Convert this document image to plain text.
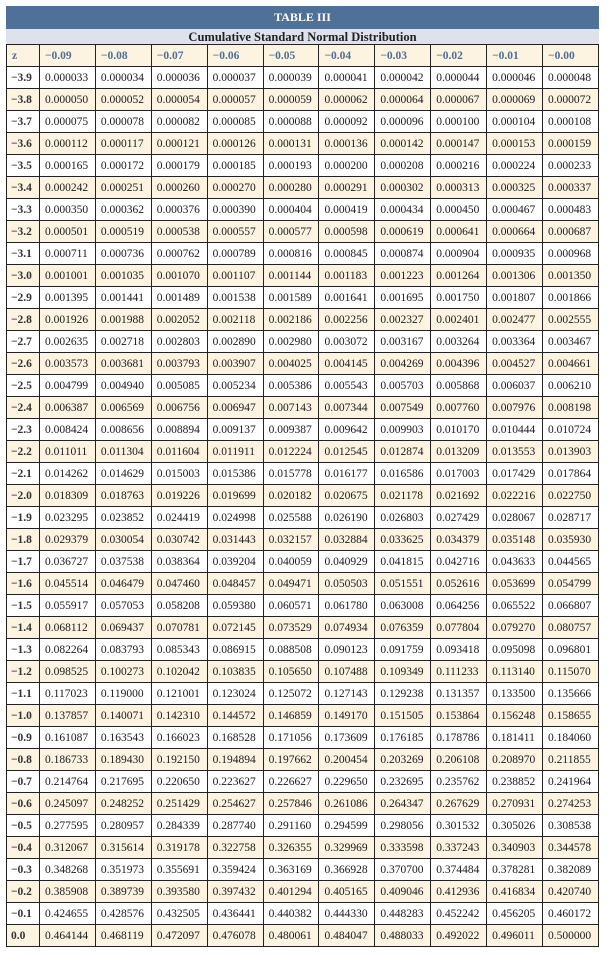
TABLE III
Cumulative Standard Normal Distribution
z	−0.09	−0.08	−0.07	−0.06	−0.05	−0.04	−0.03	−0.02	−0.01	−0.00
−3.9	0.000033	0.000034	0.000036	0.000037	0.000039	0.000041	0.000042	0.000044	0.000046	0.000048
−3.8	0.000050	0.000052	0.000054	0.000057	0.000059	0.000062	0.000064	0.000067	0.000069	0.000072
−3.7	0.000075	0.000078	0.000082	0.000085	0.000088	0.000092	0.000096	0.000100	0.000104	0.000108
−3.6	0.000112	0.000117	0.000121	0.000126	0.000131	0.000136	0.000142	0.000147	0.000153	0.000159
−3.5	0.000165	0.000172	0.000179	0.000185	0.000193	0.000200	0.000208	0.000216	0.000224	0.000233
−3.4	0.000242	0.000251	0.000260	0.000270	0.000280	0.000291	0.000302	0.000313	0.000325	0.000337
−3.3	0.000350	0.000362	0.000376	0.000390	0.000404	0.000419	0.000434	0.000450	0.000467	0.000483
−3.2	0.000501	0.000519	0.000538	0.000557	0.000577	0.000598	0.000619	0.000641	0.000664	0.000687
−3.1	0.000711	0.000736	0.000762	0.000789	0.000816	0.000845	0.000874	0.000904	0.000935	0.000968
−3.0	0.001001	0.001035	0.001070	0.001107	0.001144	0.001183	0.001223	0.001264	0.001306	0.001350
−2.9	0.001395	0.001441	0.001489	0.001538	0.001589	0.001641	0.001695	0.001750	0.001807	0.001866
−2.8	0.001926	0.001988	0.002052	0.002118	0.002186	0.002256	0.002327	0.002401	0.002477	0.002555
−2.7	0.002635	0.002718	0.002803	0.002890	0.002980	0.003072	0.003167	0.003264	0.003364	0.003467
−2.6	0.003573	0.003681	0.003793	0.003907	0.004025	0.004145	0.004269	0.004396	0.004527	0.004661
−2.5	0.004799	0.004940	0.005085	0.005234	0.005386	0.005543	0.005703	0.005868	0.006037	0.006210
−2.4	0.006387	0.006569	0.006756	0.006947	0.007143	0.007344	0.007549	0.007760	0.007976	0.008198
−2.3	0.008424	0.008656	0.008894	0.009137	0.009387	0.009642	0.009903	0.010170	0.010444	0.010724
−2.2	0.011011	0.011304	0.011604	0.011911	0.012224	0.012545	0.012874	0.013209	0.013553	0.013903
−2.1	0.014262	0.014629	0.015003	0.015386	0.015778	0.016177	0.016586	0.017003	0.017429	0.017864
−2.0	0.018309	0.018763	0.019226	0.019699	0.020182	0.020675	0.021178	0.021692	0.022216	0.022750
−1.9	0.023295	0.023852	0.024419	0.024998	0.025588	0.026190	0.026803	0.027429	0.028067	0.028717
−1.8	0.029379	0.030054	0.030742	0.031443	0.032157	0.032884	0.033625	0.034379	0.035148	0.035930
−1.7	0.036727	0.037538	0.038364	0.039204	0.040059	0.040929	0.041815	0.042716	0.043633	0.044565
−1.6	0.045514	0.046479	0.047460	0.048457	0.049471	0.050503	0.051551	0.052616	0.053699	0.054799
−1.5	0.055917	0.057053	0.058208	0.059380	0.060571	0.061780	0.063008	0.064256	0.065522	0.066807
−1.4	0.068112	0.069437	0.070781	0.072145	0.073529	0.074934	0.076359	0.077804	0.079270	0.080757
−1.3	0.082264	0.083793	0.085343	0.086915	0.088508	0.090123	0.091759	0.093418	0.095098	0.096801
−1.2	0.098525	0.100273	0.102042	0.103835	0.105650	0.107488	0.109349	0.111233	0.113140	0.115070
−1.1	0.117023	0.119000	0.121001	0.123024	0.125072	0.127143	0.129238	0.131357	0.133500	0.135666
−1.0	0.137857	0.140071	0.142310	0.144572	0.146859	0.149170	0.151505	0.153864	0.156248	0.158655
−0.9	0.161087	0.163543	0.166023	0.168528	0.171056	0.173609	0.176185	0.178786	0.181411	0.184060
−0.8	0.186733	0.189430	0.192150	0.194894	0.197662	0.200454	0.203269	0.206108	0.208970	0.211855
−0.7	0.214764	0.217695	0.220650	0.223627	0.226627	0.229650	0.232695	0.235762	0.238852	0.241964
−0.6	0.245097	0.248252	0.251429	0.254627	0.257846	0.261086	0.264347	0.267629	0.270931	0.274253
−0.5	0.277595	0.280957	0.284339	0.287740	0.291160	0.294599	0.298056	0.301532	0.305026	0.308538
−0.4	0.312067	0.315614	0.319178	0.322758	0.326355	0.329969	0.333598	0.337243	0.340903	0.344578
−0.3	0.348268	0.351973	0.355691	0.359424	0.363169	0.366928	0.370700	0.374484	0.378281	0.382089
−0.2	0.385908	0.389739	0.393580	0.397432	0.401294	0.405165	0.409046	0.412936	0.416834	0.420740
−0.1	0.424655	0.428576	0.432505	0.436441	0.440382	0.444330	0.448283	0.452242	0.456205	0.460172
0.0	0.464144	0.468119	0.472097	0.476078	0.480061	0.484047	0.488033	0.492022	0.496011	0.500000
